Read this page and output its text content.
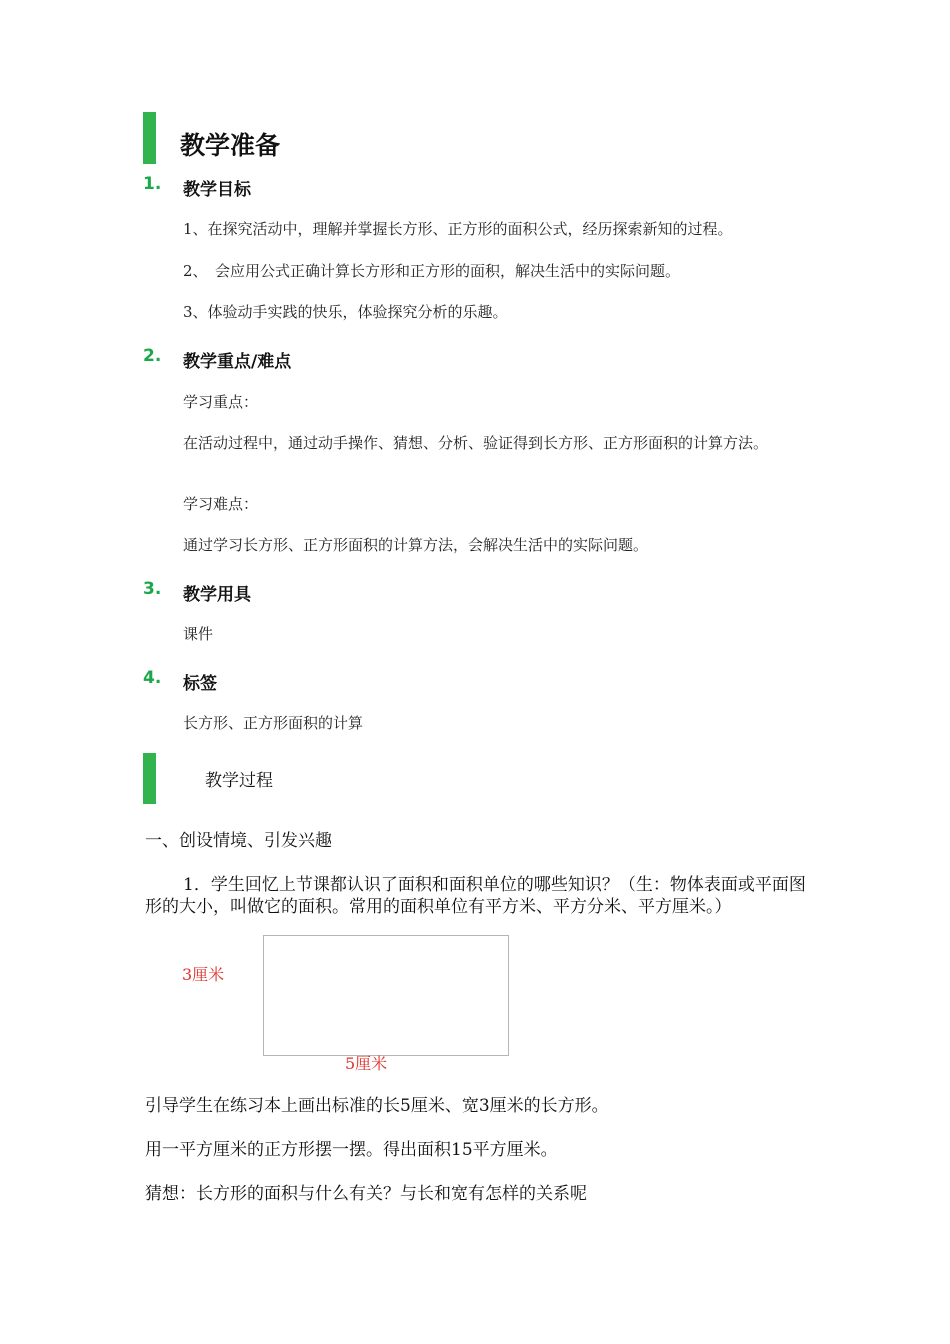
教学准备
1. 教学目标
1、在探究活动中，理解并掌握长方形、正方形的面积公式，经历探索新知的过程。
2、　会应用公式正确计算长方形和正方形的面积，解决生活中的实际问题。
3、体验动手实践的快乐，体验探究分析的乐趣。
2. 教学重点/难点
学习重点：
在活动过程中，通过动手操作、猜想、分析、验证得到长方形、正方形面积的计算方法。
学习难点：
通过学习长方形、正方形面积的计算方法，会解决生活中的实际问题。
3. 教学用具
课件
4. 标签
长方形、正方形面积的计算
教学过程
一、创设情境、引发兴趣
1．学生回忆上节课都认识了面积和面积单位的哪些知识？（生：物体表面或平面图形的大小，叫做它的面积。常用的面积单位有平方米、平方分米、平方厘米。）
3厘米
5厘米
引导学生在练习本上画出标准的长5厘米、宽3厘米的长方形。
用一平方厘米的正方形摆一摆。得出面积15平方厘米。
猜想：长方形的面积与什么有关？与长和宽有怎样的关系呢
